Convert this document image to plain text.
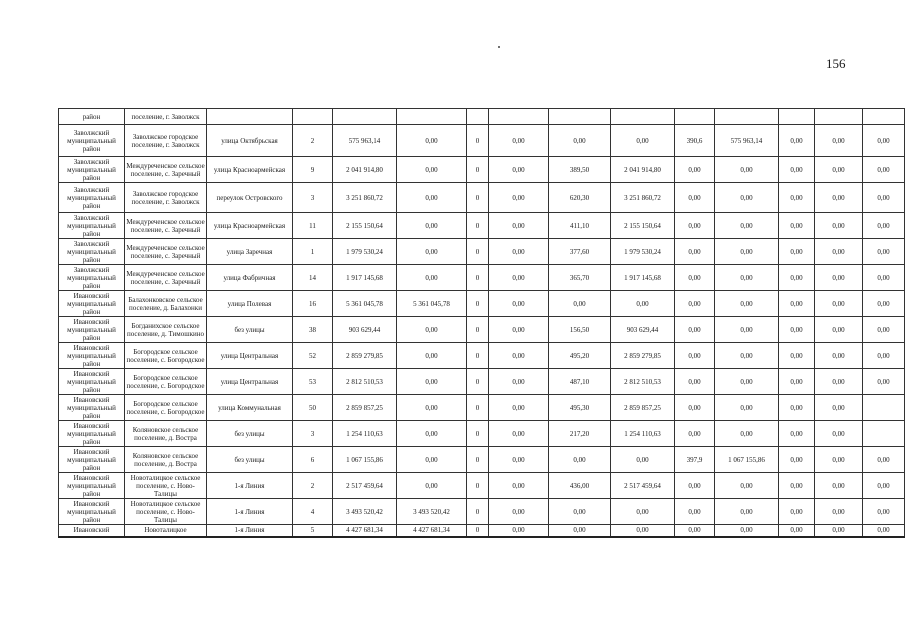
156
район	поселение, г. Заволжск													
Заволжский муниципальный район	Заволжское городское поселение, г. Заволжск	улица Октябрьская	2	575 963,14	0,00	0	0,00	0,00	0,00	390,6	575 963,14	0,00	0,00	0,00
Заволжский муниципальный район	Междуреченское сельское поселение, с. Заречный	улица Красноармейская	9	2 041 914,80	0,00	0	0,00	389,50	2 041 914,80	0,00	0,00	0,00	0,00	0,00
Заволжский муниципальный район	Заволжское городское поселение, г. Заволжск	переулок Островского	3	3 251 860,72	0,00	0	0,00	620,30	3 251 860,72	0,00	0,00	0,00	0,00	0,00
Заволжский муниципальный район	Междуреченское сельское поселение, с. Заречный	улица Красноармейская	11	2 155 150,64	0,00	0	0,00	411,10	2 155 150,64	0,00	0,00	0,00	0,00	0,00
Заволжский муниципальный район	Междуреченское сельское поселение, с. Заречный	улица Заречная	1	1 979 530,24	0,00	0	0,00	377,60	1 979 530,24	0,00	0,00	0,00	0,00	0,00
Заволжский муниципальный район	Междуреченское сельское поселение, с. Заречный	улица Фабричная	14	1 917 145,68	0,00	0	0,00	365,70	1 917 145,68	0,00	0,00	0,00	0,00	0,00
Ивановский муниципальный район	Балахонковское сельское поселение, д. Балахонки	улица Полевая	16	5 361 045,78	5 361 045,78	0	0,00	0,00	0,00	0,00	0,00	0,00	0,00	0,00
Ивановский муниципальный район	Богданихское сельское поселение, д. Тимошкино	без улицы	38	903 629,44	0,00	0	0,00	156,50	903 629,44	0,00	0,00	0,00	0,00	0,00
Ивановский муниципальный район	Богородское сельское поселение, с. Богородское	улица Центральная	52	2 859 279,85	0,00	0	0,00	495,20	2 859 279,85	0,00	0,00	0,00	0,00	0,00
Ивановский муниципальный район	Богородское сельское поселение, с. Богородское	улица Центральная	53	2 812 510,53	0,00	0	0,00	487,10	2 812 510,53	0,00	0,00	0,00	0,00	0,00
Ивановский муниципальный район	Богородское сельское поселение, с. Богородское	улица Коммунальная	50	2 859 857,25	0,00	0	0,00	495,30	2 859 857,25	0,00	0,00	0,00	0,00	
Ивановский муниципальный район	Коляновское сельское поселение, д. Востра	без улицы	3	1 254 110,63	0,00	0	0,00	217,20	1 254 110,63	0,00	0,00	0,00	0,00	
Ивановский муниципальный район	Коляновское сельское поселение, д. Востра	без улицы	6	1 067 155,86	0,00	0	0,00	0,00	0,00	397,9	1 067 155,86	0,00	0,00	0,00
Ивановский муниципальный район	Новоталицкое сельское поселение, с. Ново-Талицы	1-я Линия	2	2 517 459,64	0,00	0	0,00	436,00	2 517 459,64	0,00	0,00	0,00	0,00	0,00
Ивановский муниципальный район	Новоталицкое сельское поселение, с. Ново-Талицы	1-я Линия	4	3 493 520,42	3 493 520,42	0	0,00	0,00	0,00	0,00	0,00	0,00	0,00	0,00
Ивановский	Новоталицкое	1-я Линия	5	4 427 681,34	4 427 681,34	0	0,00	0,00	0,00	0,00	0,00	0,00	0,00	0,00
